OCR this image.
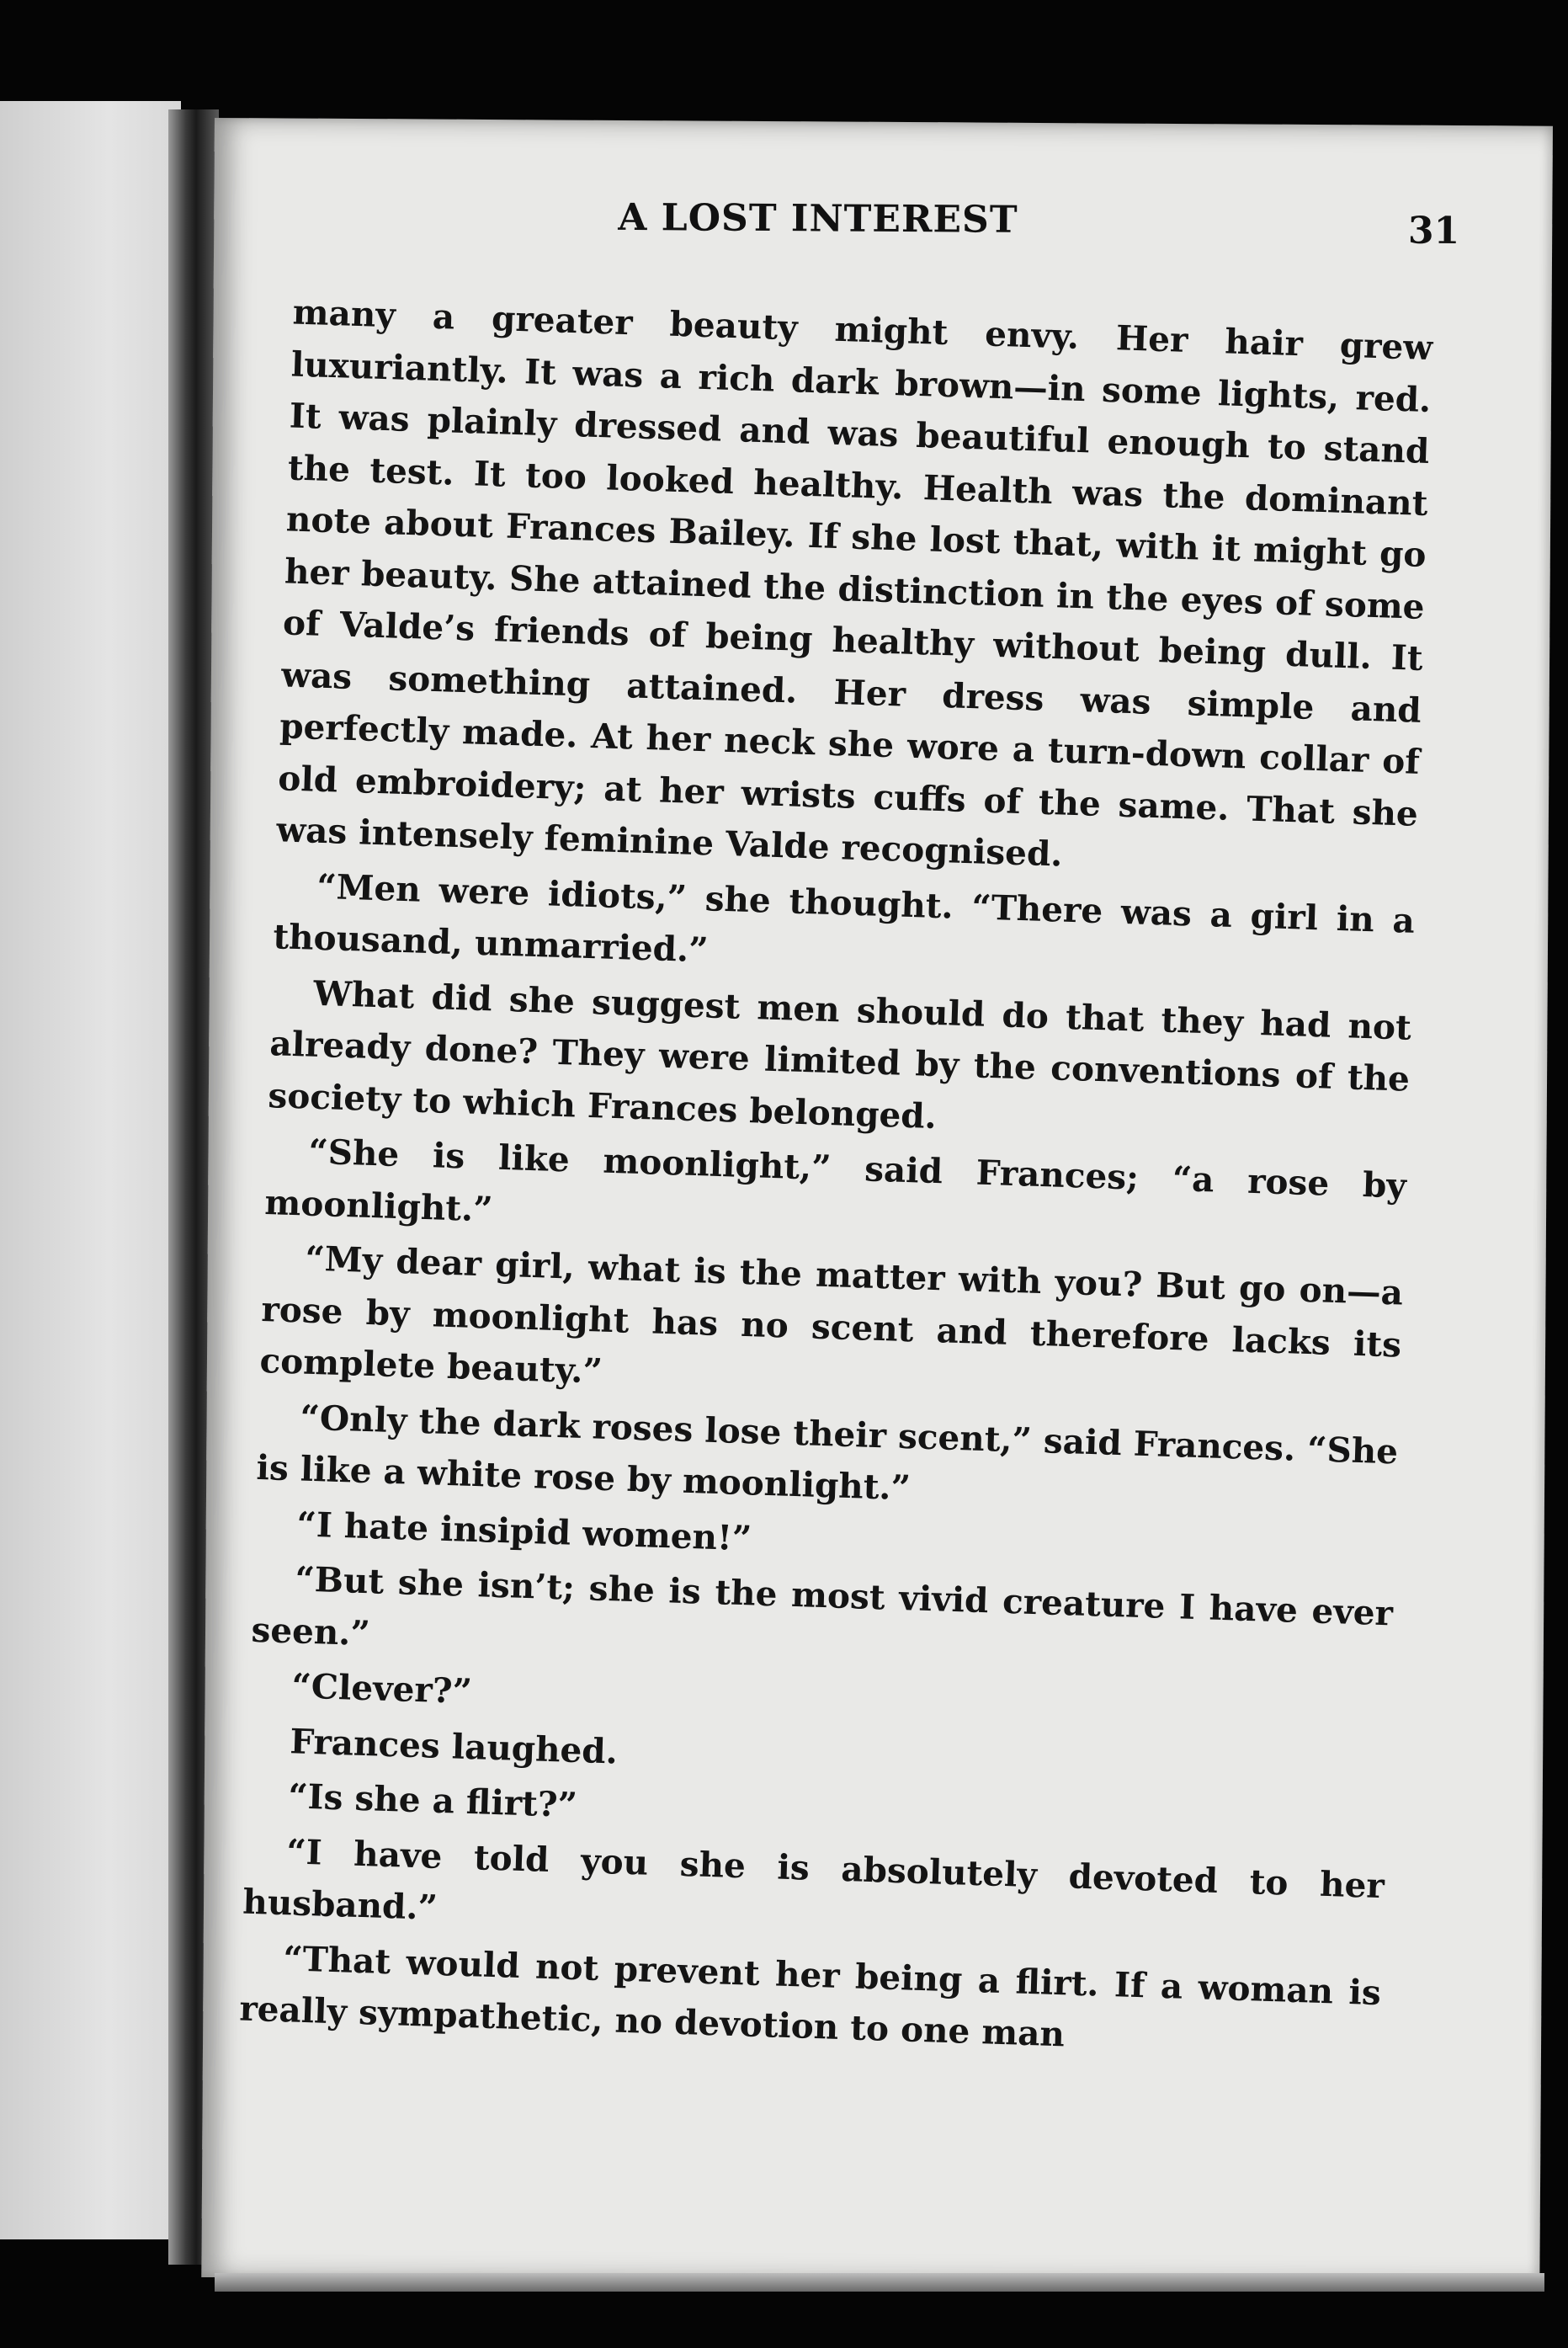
A LOST INTEREST	31

many a greater beauty might envy. Her hair grew luxuriantly. It was a rich dark brown—in some lights, red. It was plainly dressed and was beautiful enough to stand the test. It too looked healthy. Health was the dominant note about Frances Bailey. If she lost that, with it might go her beauty. She attained the distinction in the eyes of some of Valde’s friends of being healthy without being dull. It was something attained. Her dress was simple and perfectly made. At her neck she wore a turn-down collar of old embroidery; at her wrists cuffs of the same. That she was intensely feminine Valde recognised.

“Men were idiots,” she thought. “There was a girl in a thousand, unmarried.”

What did she suggest men should do that they had not already done? They were limited by the conventions of the society to which Frances belonged.

“She is like moonlight,” said Frances; “a rose by moonlight.”

“My dear girl, what is the matter with you? But go on—a rose by moonlight has no scent and therefore lacks its complete beauty.”

“Only the dark roses lose their scent,” said Frances. “She is like a white rose by moonlight.”

“I hate insipid women!”

“But she isn’t; she is the most vivid creature I have ever seen.”

“Clever?”

Frances laughed.

“Is she a flirt?”

“I have told you she is absolutely devoted to her husband.”

“That would not prevent her being a flirt. If a woman is really sympathetic, no devotion to one man
